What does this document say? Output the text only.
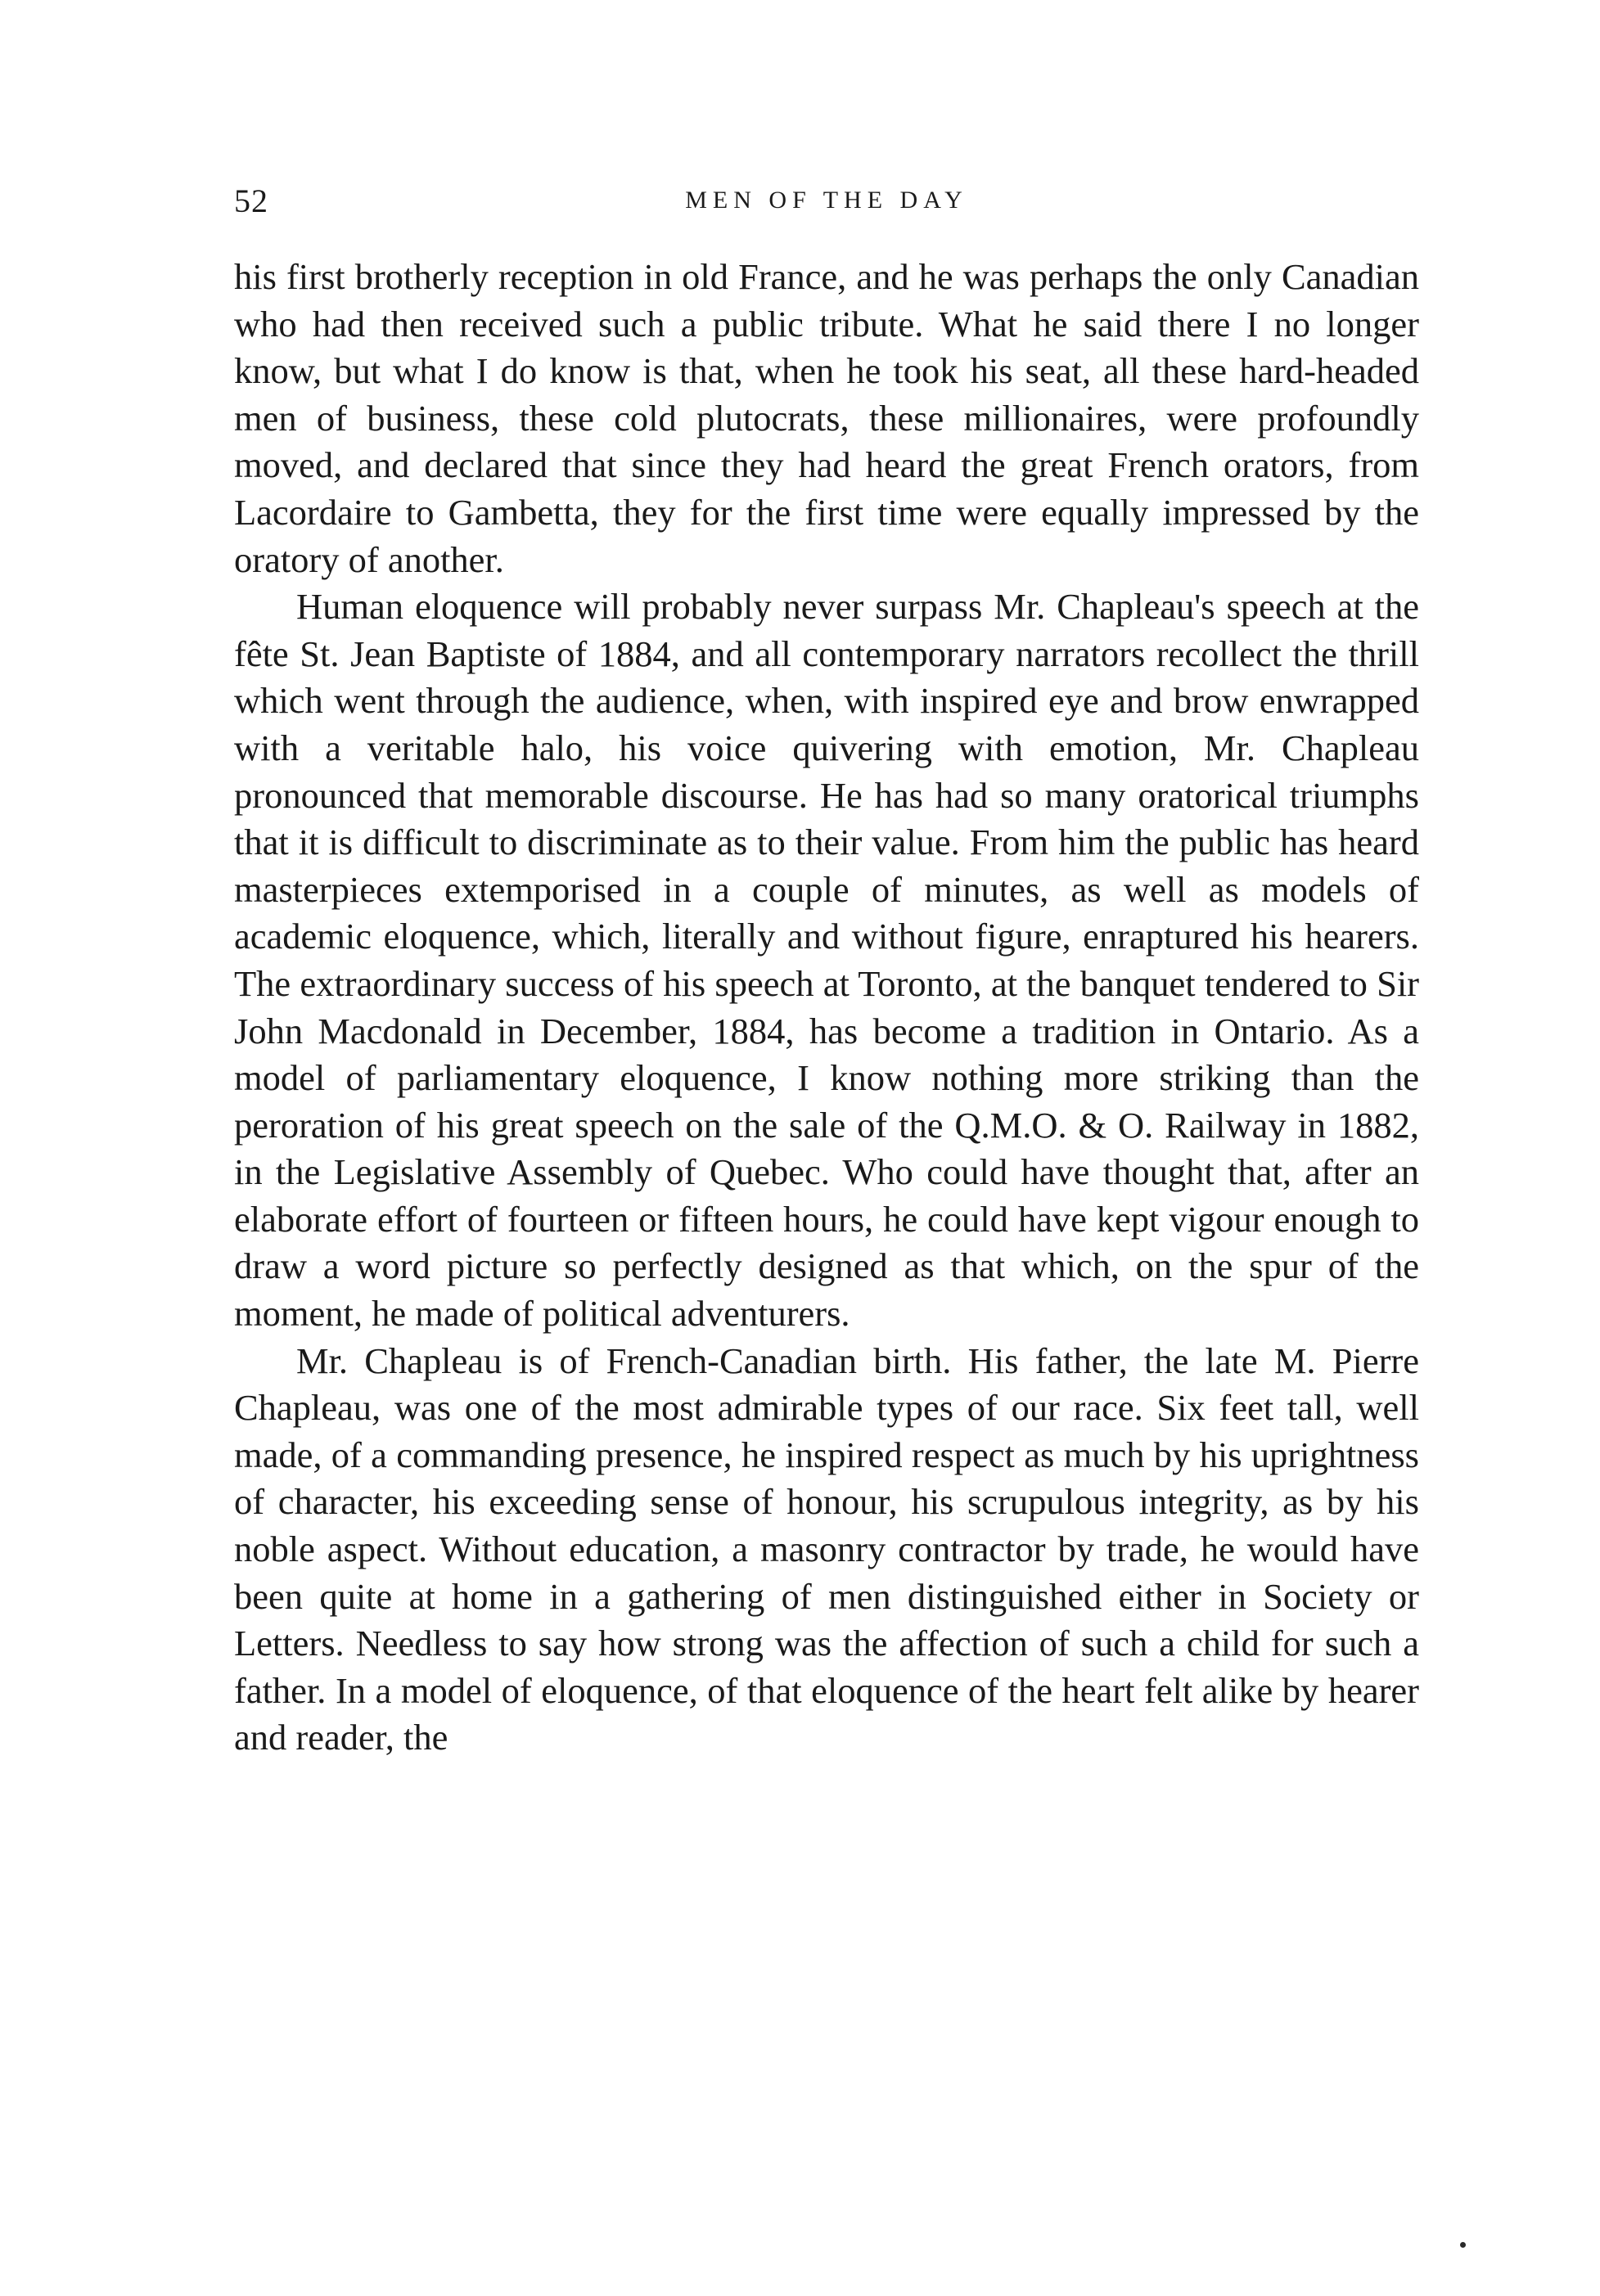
52	MEN OF THE DAY

his first brotherly reception in old France, and he was perhaps the only Canadian who had then received such a public tribute. What he said there I no longer know, but what I do know is that, when he took his seat, all these hard-headed men of business, these cold plutocrats, these millionaires, were profoundly moved, and declared that since they had heard the great French orators, from Lacordaire to Gambetta, they for the first time were equally impressed by the oratory of another.

Human eloquence will probably never surpass Mr. Chapleau's speech at the fête St. Jean Baptiste of 1884, and all contemporary narrators recollect the thrill which went through the audience, when, with inspired eye and brow enwrapped with a veritable halo, his voice quivering with emotion, Mr. Chapleau pronounced that memorable discourse. He has had so many oratorical triumphs that it is difficult to discriminate as to their value. From him the public has heard masterpieces extemporised in a couple of minutes, as well as models of academic eloquence, which, literally and without figure, enraptured his hearers. The extraordinary success of his speech at Toronto, at the banquet tendered to Sir John Macdonald in December, 1884, has become a tradition in Ontario. As a model of parliamentary eloquence, I know nothing more striking than the peroration of his great speech on the sale of the Q.M.O. & O. Railway in 1882, in the Legislative Assembly of Quebec. Who could have thought that, after an elaborate effort of fourteen or fifteen hours, he could have kept vigour enough to draw a word picture so perfectly designed as that which, on the spur of the moment, he made of political adventurers.

Mr. Chapleau is of French-Canadian birth. His father, the late M. Pierre Chapleau, was one of the most admirable types of our race. Six feet tall, well made, of a commanding presence, he inspired respect as much by his uprightness of character, his exceeding sense of honour, his scrupulous integrity, as by his noble aspect. Without education, a masonry contractor by trade, he would have been quite at home in a gathering of men distinguished either in Society or Letters. Needless to say how strong was the affection of such a child for such a father. In a model of eloquence, of that eloquence of the heart felt alike by hearer and reader, the
